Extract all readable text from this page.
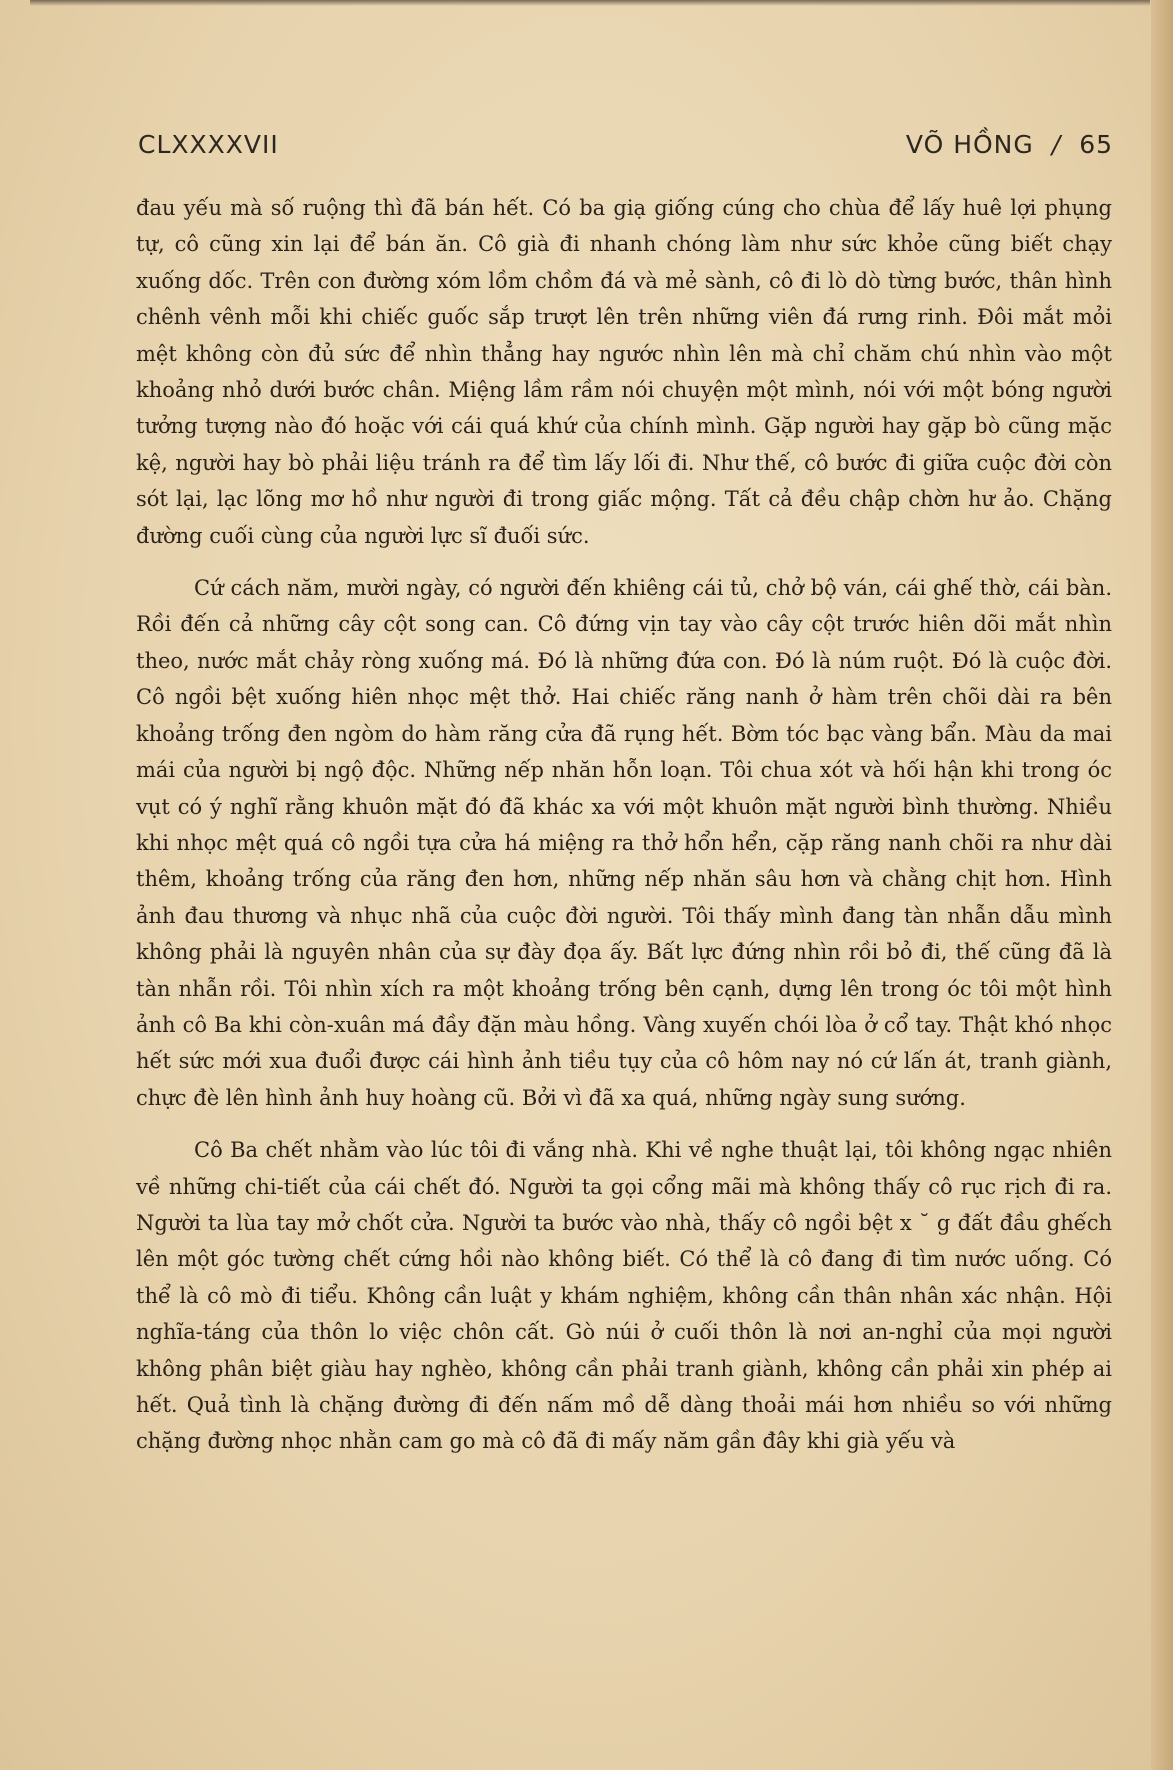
CLXXXXVII	VÕ HỒNG / 65

đau yếu mà số ruộng thì đã bán hết. Có ba giạ giống cúng cho chùa để lấy huê lợi phụng tự, cô cũng xin lại để bán ăn. Cô già đi nhanh chóng làm như sức khỏe cũng biết chạy xuống dốc. Trên con đường xóm lồm chồm đá và mẻ sành, cô đi lò dò từng bước, thân hình chênh vênh mỗi khi chiếc guốc sắp trượt lên trên những viên đá rưng rinh. Đôi mắt mỏi mệt không còn đủ sức để nhìn thẳng hay ngước nhìn lên mà chỉ chăm chú nhìn vào một khoảng nhỏ dưới bước chân. Miệng lầm rầm nói chuyện một mình, nói với một bóng người tưởng tượng nào đó hoặc với cái quá khứ của chính mình. Gặp người hay gặp bò cũng mặc kệ, người hay bò phải liệu tránh ra để tìm lấy lối đi. Như thế, cô bước đi giữa cuộc đời còn sót lại, lạc lõng mơ hồ như người đi trong giấc mộng. Tất cả đều chập chờn hư ảo. Chặng đường cuối cùng của người lực sĩ đuối sức.

Cứ cách năm, mười ngày, có người đến khiêng cái tủ, chở bộ ván, cái ghế thờ, cái bàn. Rồi đến cả những cây cột song can. Cô đứng vịn tay vào cây cột trước hiên dõi mắt nhìn theo, nước mắt chảy ròng xuống má. Đó là những đứa con. Đó là núm ruột. Đó là cuộc đời. Cô ngồi bệt xuống hiên nhọc mệt thở. Hai chiếc răng nanh ở hàm trên chõi dài ra bên khoảng trống đen ngòm do hàm răng cửa đã rụng hết. Bờm tóc bạc vàng bẩn. Màu da mai mái của người bị ngộ độc. Những nếp nhăn hỗn loạn. Tôi chua xót và hối hận khi trong óc vụt có ý nghĩ rằng khuôn mặt đó đã khác xa với một khuôn mặt người bình thường. Nhiều khi nhọc mệt quá cô ngồi tựa cửa há miệng ra thở hổn hển, cặp răng nanh chõi ra như dài thêm, khoảng trống của răng đen hơn, những nếp nhăn sâu hơn và chằng chịt hơn. Hình ảnh đau thương và nhục nhã của cuộc đời người. Tôi thấy mình đang tàn nhẫn dẫu mình không phải là nguyên nhân của sự đày đọa ấy. Bất lực đứng nhìn rồi bỏ đi, thế cũng đã là tàn nhẫn rồi. Tôi nhìn xích ra một khoảng trống bên cạnh, dựng lên trong óc tôi một hình ảnh cô Ba khi còn-xuân má đầy đặn màu hồng. Vàng xuyến chói lòa ở cổ tay. Thật khó nhọc hết sức mới xua đuổi được cái hình ảnh tiều tụy của cô hôm nay nó cứ lấn át, tranh giành, chực đè lên hình ảnh huy hoàng cũ. Bởi vì đã xa quá, những ngày sung sướng.

Cô Ba chết nhằm vào lúc tôi đi vắng nhà. Khi về nghe thuật lại, tôi không ngạc nhiên về những chi-tiết của cái chết đó. Người ta gọi cổng mãi mà không thấy cô rục rịch đi ra. Người ta lùa tay mở chốt cửa. Người ta bước vào nhà, thấy cô ngồi bệt x ˘ g đất đầu ghếch lên một góc tường chết cứng hồi nào không biết. Có thể là cô đang đi tìm nước uống. Có thể là cô mò đi tiểu. Không cần luật y khám nghiệm, không cần thân nhân xác nhận. Hội nghĩa-táng của thôn lo việc chôn cất. Gò núi ở cuối thôn là nơi an-nghỉ của mọi người không phân biệt giàu hay nghèo, không cần phải tranh giành, không cần phải xin phép ai hết. Quả tình là chặng đường đi đến nấm mồ dễ dàng thoải mái hơn nhiều so với những chặng đường nhọc nhằn cam go mà cô đã đi mấy năm gần đây khi già yếu và
